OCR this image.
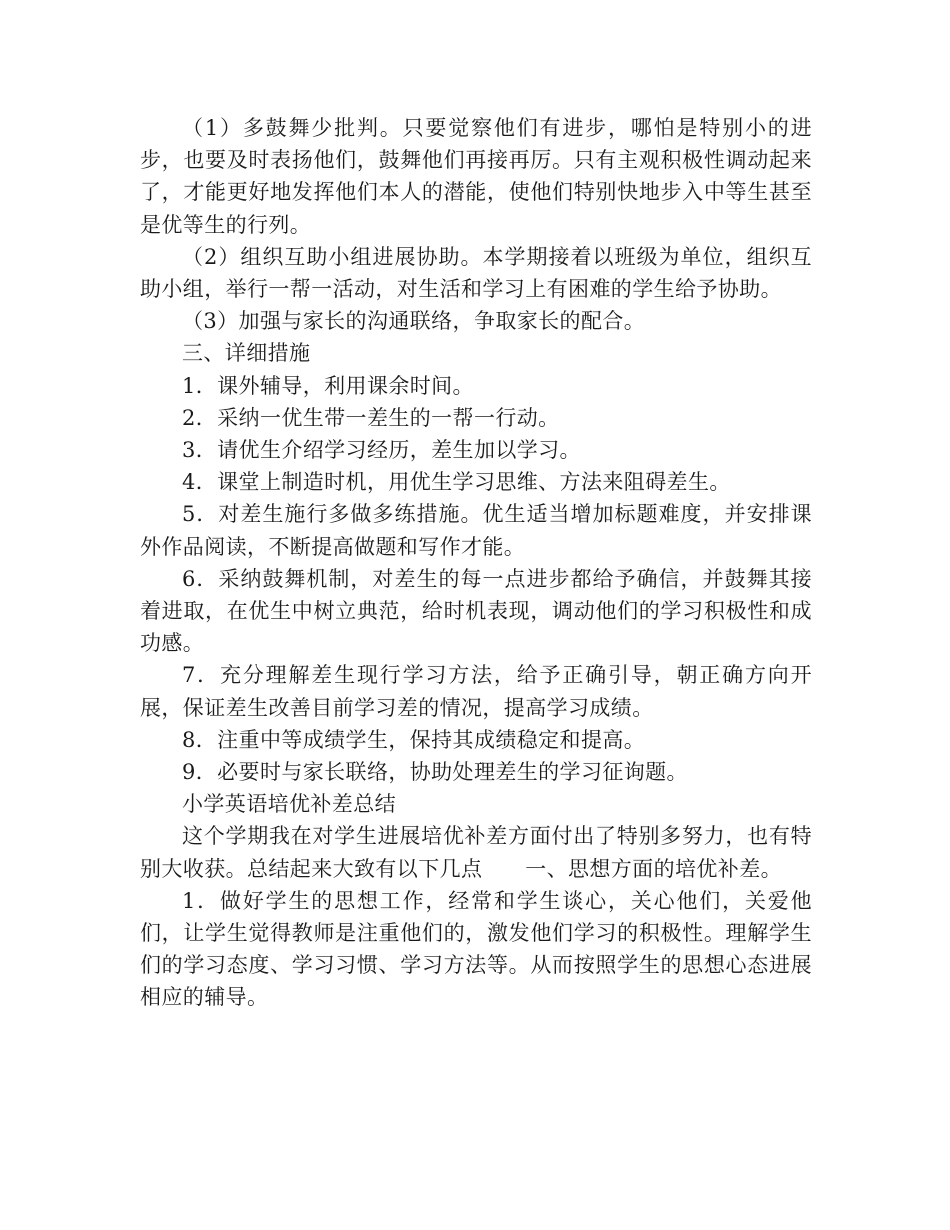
（1）多鼓舞少批判。只要觉察他们有进步，哪怕是特别小的进步，也要及时表扬他们，鼓舞他们再接再厉。只有主观积极性调动起来了，才能更好地发挥他们本人的潜能，使他们特别快地步入中等生甚至是优等生的行列。

（2）组织互助小组进展协助。本学期接着以班级为单位，组织互助小组，举行一帮一活动，对生活和学习上有困难的学生给予协助。

（3）加强与家长的沟通联络，争取家长的配合。

三、详细措施

1．课外辅导，利用课余时间。

2．采纳一优生带一差生的一帮一行动。

3．请优生介绍学习经历，差生加以学习。

4．课堂上制造时机，用优生学习思维、方法来阻碍差生。

5．对差生施行多做多练措施。优生适当增加标题难度，并安排课外作品阅读，不断提高做题和写作才能。

6．采纳鼓舞机制，对差生的每一点进步都给予确信，并鼓舞其接着进取，在优生中树立典范，给时机表现，调动他们的学习积极性和成功感。

7．充分理解差生现行学习方法，给予正确引导，朝正确方向开展，保证差生改善目前学习差的情况，提高学习成绩。

8．注重中等成绩学生，保持其成绩稳定和提高。

9．必要时与家长联络，协助处理差生的学习征询题。

小学英语培优补差总结

这个学期我在对学生进展培优补差方面付出了特别多努力，也有特别大收获。总结起来大致有以下几点　　一、思想方面的培优补差。

1．做好学生的思想工作，经常和学生谈心，关心他们，关爱他们，让学生觉得教师是注重他们的，激发他们学习的积极性。理解学生们的学习态度、学习习惯、学习方法等。从而按照学生的思想心态进展相应的辅导。
